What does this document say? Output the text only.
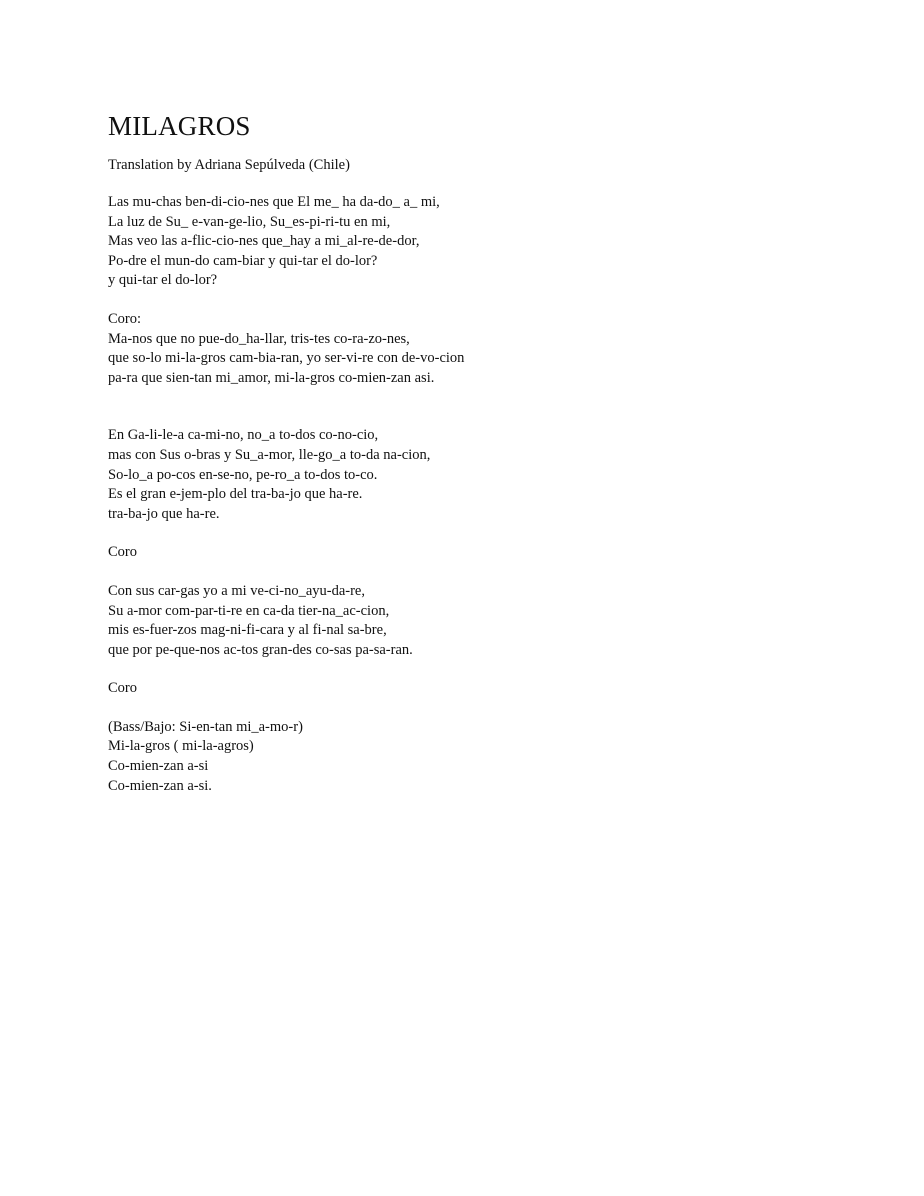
MILAGROS
Translation by Adriana Sepúlveda (Chile)
Las mu-chas ben-di-cio-nes que El me_ ha da-do_ a_ mi,
La luz de Su_ e-van-ge-lio, Su_es-pi-ri-tu en mi,
Mas veo las a-flic-cio-nes que_hay a mi_al-re-de-dor,
Po-dre el mun-do cam-biar y qui-tar el do-lor?
y qui-tar el do-lor?
Coro:
Ma-nos que no pue-do_ha-llar, tris-tes co-ra-zo-nes,
que so-lo mi-la-gros cam-bia-ran, yo ser-vi-re con de-vo-cion
pa-ra que sien-tan mi_amor, mi-la-gros co-mien-zan asi.
En Ga-li-le-a ca-mi-no, no_a to-dos co-no-cio,
mas con Sus o-bras y Su_a-mor, lle-go_a to-da na-cion,
So-lo_a po-cos en-se-no, pe-ro_a to-dos to-co.
Es el gran e-jem-plo del tra-ba-jo que ha-re.
tra-ba-jo que ha-re.
Coro
Con sus car-gas yo a mi ve-ci-no_ayu-da-re,
Su a-mor com-par-ti-re en ca-da tier-na_ac-cion,
mis es-fuer-zos mag-ni-fi-cara y al fi-nal sa-bre,
que por pe-que-nos ac-tos gran-des co-sas pa-sa-ran.
Coro
(Bass/Bajo: Si-en-tan mi_a-mo-r)
Mi-la-gros ( mi-la-agros)
Co-mien-zan a-si
Co-mien-zan a-si.
